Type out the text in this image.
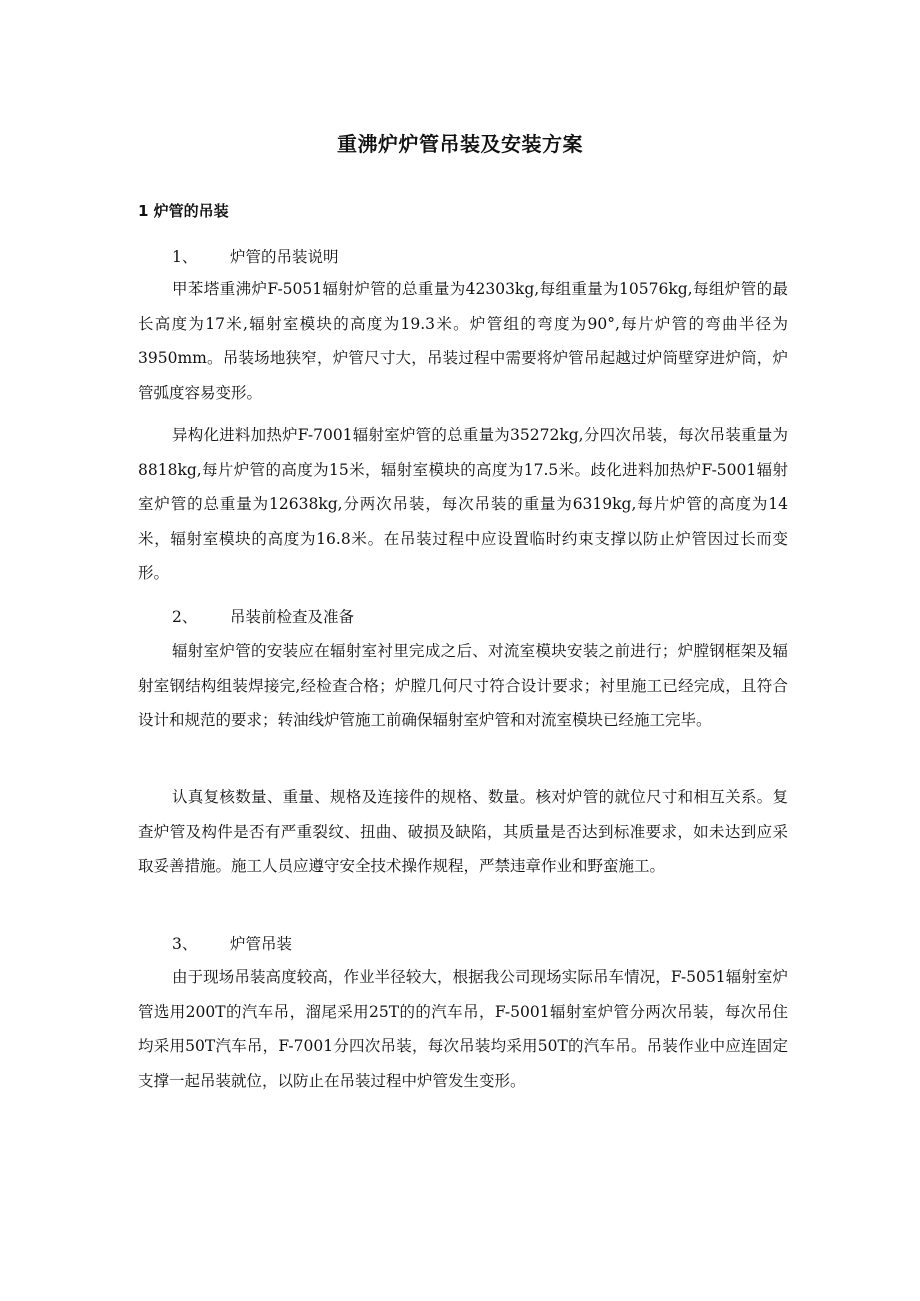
重沸炉炉管吊装及安装方案
1 炉管的吊装
1、 炉管的吊装说明

甲苯塔重沸炉F-5051辐射炉管的总重量为42303kg,每组重量为10576kg,每组炉管的最长高度为17米,辐射室模块的高度为19.3米。炉管组的弯度为90°,每片炉管的弯曲半径为3950mm。吊装场地狭窄，炉管尺寸大，吊装过程中需要将炉管吊起越过炉筒壁穿进炉筒，炉管弧度容易变形。

异构化进料加热炉F-7001辐射室炉管的总重量为35272kg,分四次吊装，每次吊装重量为8818kg,每片炉管的高度为15米，辐射室模块的高度为17.5米。歧化进料加热炉F-5001辐射室炉管的总重量为12638kg,分两次吊装，每次吊装的重量为6319kg,每片炉管的高度为14米，辐射室模块的高度为16.8米。在吊装过程中应设置临时约束支撑以防止炉管因过长而变形。

2、 吊装前检查及准备

辐射室炉管的安装应在辐射室衬里完成之后、对流室模块安装之前进行；炉膛钢框架及辐射室钢结构组装焊接完,经检查合格；炉膛几何尺寸符合设计要求；衬里施工已经完成，且符合设计和规范的要求；转油线炉管施工前确保辐射室炉管和对流室模块已经施工完毕。

认真复核数量、重量、规格及连接件的规格、数量。核对炉管的就位尺寸和相互关系。复查炉管及构件是否有严重裂纹、扭曲、破损及缺陷，其质量是否达到标准要求，如未达到应采取妥善措施。施工人员应遵守安全技术操作规程，严禁违章作业和野蛮施工。

3、 炉管吊装

由于现场吊装高度较高，作业半径较大，根据我公司现场实际吊车情况，F-5051辐射室炉管选用200T的汽车吊，溜尾采用25T的的汽车吊，F-5001辐射室炉管分两次吊装，每次吊住均采用50T汽车吊，F-7001分四次吊装，每次吊装均采用50T的汽车吊。吊装作业中应连固定支撑一起吊装就位，以防止在吊装过程中炉管发生变形。
